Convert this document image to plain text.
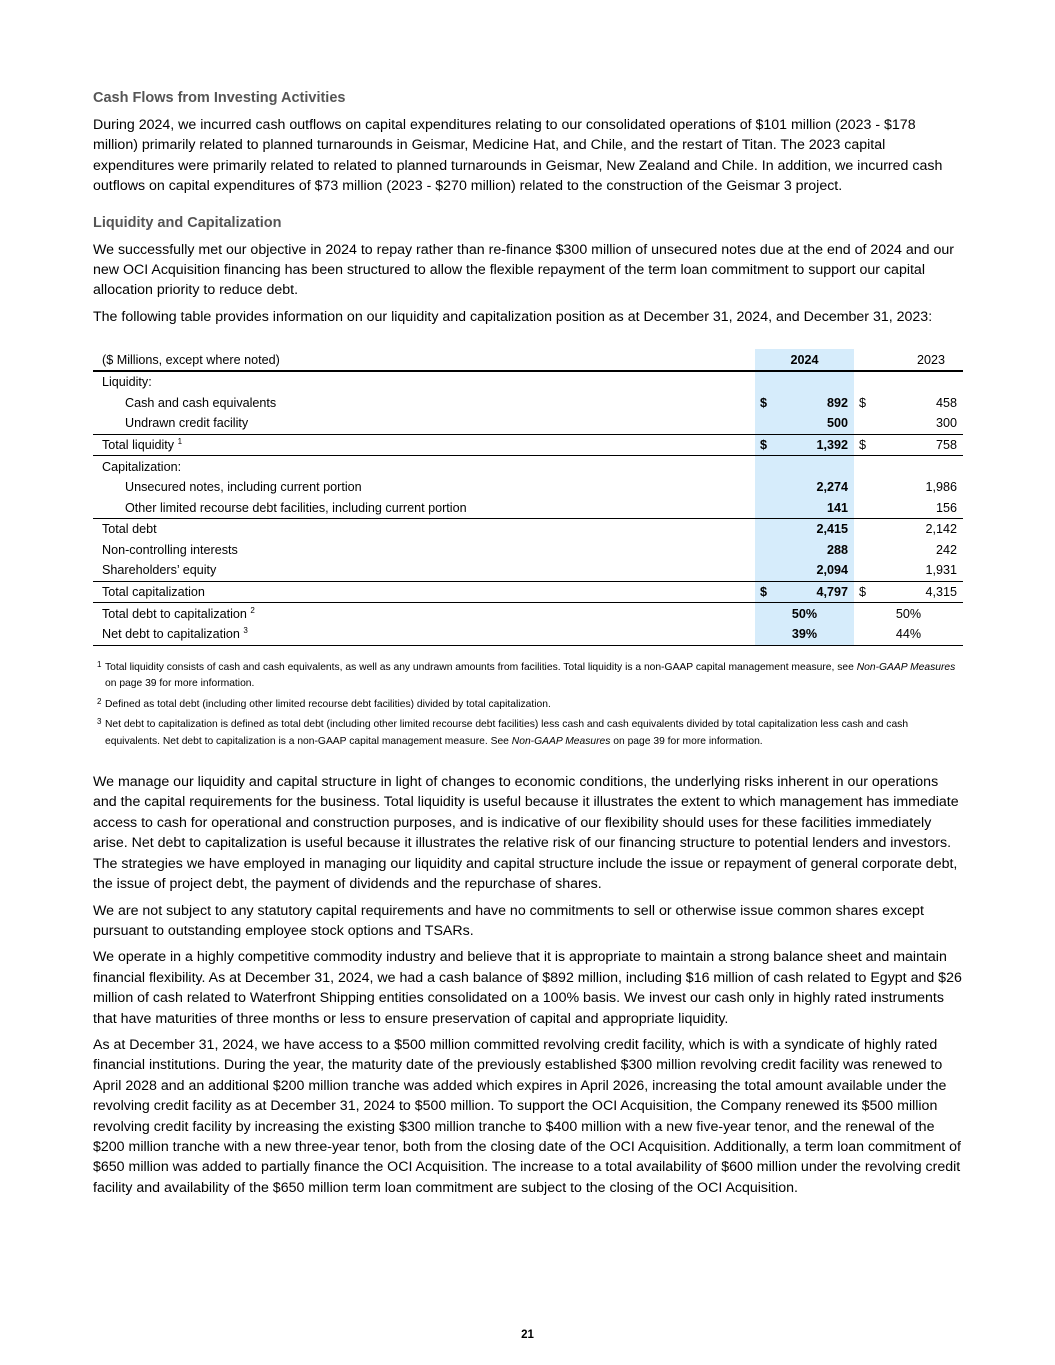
Cash Flows from Investing Activities

During 2024, we incurred cash outflows on capital expenditures relating to our consolidated operations of $101 million (2023 - $178 million) primarily related to planned turnarounds in Geismar, Medicine Hat, and Chile, and the restart of Titan. The 2023 capital expenditures were primarily related to related to planned turnarounds in Geismar, New Zealand and Chile. In addition, we incurred cash outflows on capital expenditures of $73 million (2023 - $270 million) related to the construction of the Geismar 3 project.

Liquidity and Capitalization

We successfully met our objective in 2024 to repay rather than re-finance $300 million of unsecured notes due at the end of 2024 and our new OCI Acquisition financing has been structured to allow the flexible repayment of the term loan commitment to support our capital allocation priority to reduce debt.

The following table provides information on our liquidity and capitalization position as at December 31, 2024, and December 31, 2023:

($ Millions, except where noted)	2024		2023	
Liquidity:				
Cash and cash equivalents	$	892	$	458
Undrawn credit facility		500		300
Total liquidity $^1$	$	1,392	$	758
Capitalization:				
Unsecured notes, including current portion		2,274		1,986
Other limited recourse debt facilities, including current portion		141		156
Total debt		2,415		2,142
Non-controlling interests		288		242
Shareholders’ equity		2,094		1,931
Total capitalization	$	4,797	$	4,315
Total debt to capitalization $^2$	50%		50%	
Net debt to capitalization $^3$	39%		44%	
1 Total liquidity consists of cash and cash equivalents, as well as any undrawn amounts from facilities. Total liquidity is a non-GAAP capital management measure, see Non-GAAP Measures on page 39 for more information.
2 Defined as total debt (including other limited recourse debt facilities) divided by total capitalization.
3 Net debt to capitalization is defined as total debt (including other limited recourse debt facilities) less cash and cash equivalents divided by total capitalization less cash and cash equivalents. Net debt to capitalization is a non-GAAP capital management measure. See Non-GAAP Measures on page 39 for more information.

We manage our liquidity and capital structure in light of changes to economic conditions, the underlying risks inherent in our operations and the capital requirements for the business. Total liquidity is useful because it illustrates the extent to which management has immediate access to cash for operational and construction purposes, and is indicative of our flexibility should uses for these facilities immediately arise. Net debt to capitalization is useful because it illustrates the relative risk of our financing structure to potential lenders and investors. The strategies we have employed in managing our liquidity and capital structure include the issue or repayment of general corporate debt, the issue of project debt, the payment of dividends and the repurchase of shares.

We are not subject to any statutory capital requirements and have no commitments to sell or otherwise issue common shares except pursuant to outstanding employee stock options and TSARs.

We operate in a highly competitive commodity industry and believe that it is appropriate to maintain a strong balance sheet and maintain financial flexibility. As at December 31, 2024, we had a cash balance of $892 million, including $16 million of cash related to Egypt and $26 million of cash related to Waterfront Shipping entities consolidated on a 100% basis. We invest our cash only in highly rated instruments that have maturities of three months or less to ensure preservation of capital and appropriate liquidity.

As at December 31, 2024, we have access to a $500 million committed revolving credit facility, which is with a syndicate of highly rated financial institutions. During the year, the maturity date of the previously established $300 million revolving credit facility was renewed to April 2028 and an additional $200 million tranche was added which expires in April 2026, increasing the total amount available under the revolving credit facility as at December 31, 2024 to $500 million. To support the OCI Acquisition, the Company renewed its $500 million revolving credit facility by increasing the existing $300 million tranche to $400 million with a new five-year tenor, and the renewal of the $200 million tranche with a new three-year tenor, both from the closing date of the OCI Acquisition. Additionally, a term loan commitment of $650 million was added to partially finance the OCI Acquisition. The increase to a total availability of $600 million under the revolving credit facility and availability of the $650 million term loan commitment are subject to the closing of the OCI Acquisition.

21
